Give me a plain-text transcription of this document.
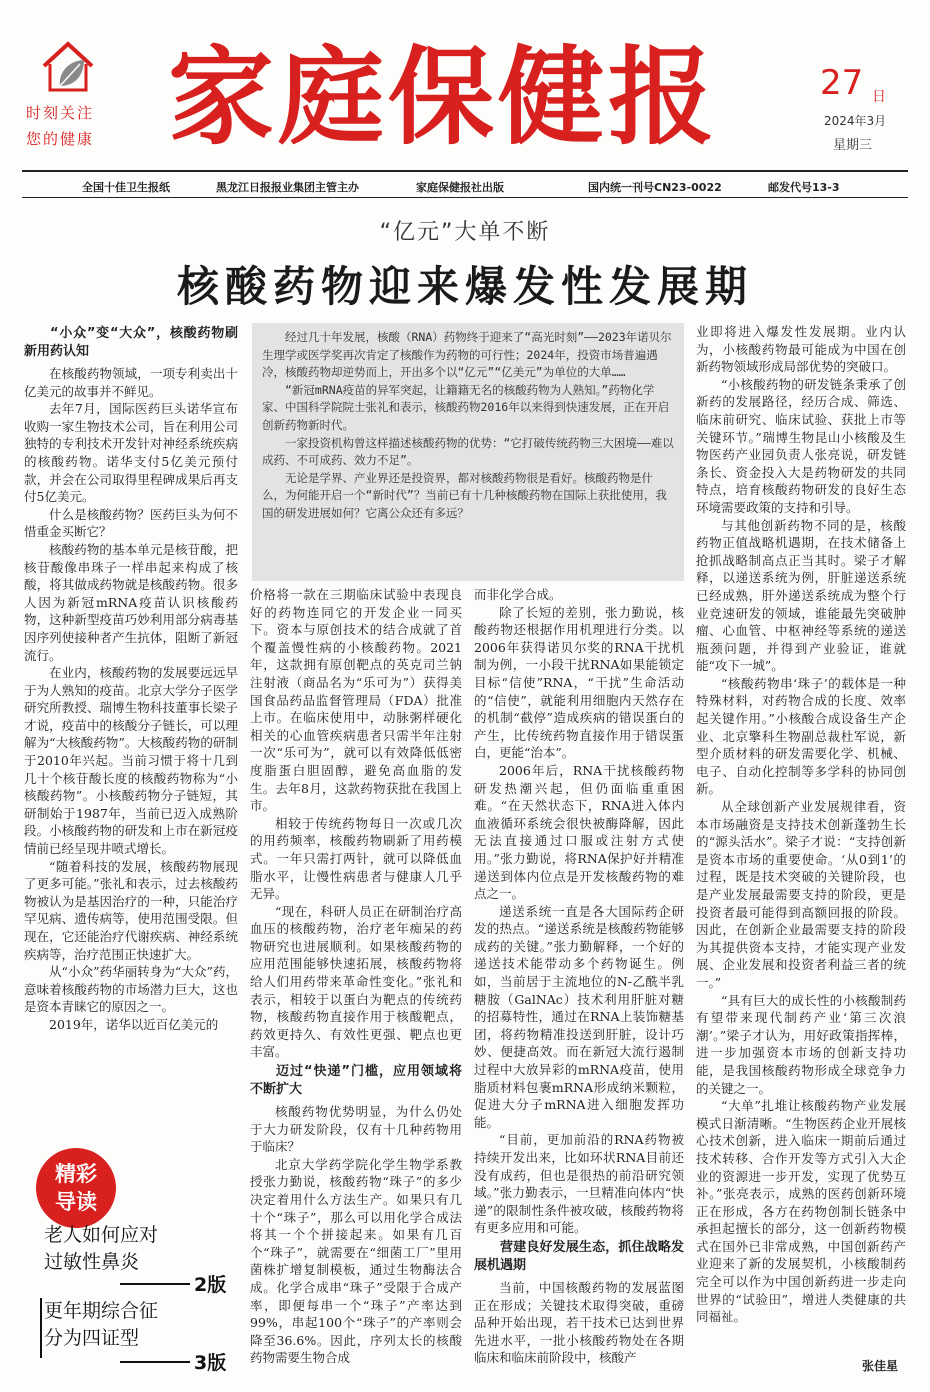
时刻关注
您的健康 家庭保健报	27 日
2024年3月
星期三
全国十佳卫生报纸	黑龙江日报报业集团主管主办	家庭保健报社出版	国内统一刊号CN23-0022	邮发代号13-3
“亿元”大单不断
核酸药物迎来爆发性发展期
“小众”变“大众”，核酸药物刷新用药认知

在核酸药物领域，一项专利卖出十亿美元的故事并不鲜见。

去年7月，国际医药巨头诺华宣布收购一家生物技术公司，旨在利用公司独特的专利技术开发针对神经系统疾病的核酸药物。诺华支付5亿美元预付款，并会在公司取得里程碑成果后再支付5亿美元。

什么是核酸药物？医药巨头为何不惜重金买断它？

核酸药物的基本单元是核苷酸，把核苷酸像串珠子一样串起来构成了核酸，将其做成药物就是核酸药物。很多人因为新冠mRNA疫苗认识核酸药物，这种新型疫苗巧妙利用部分病毒基因序列使接种者产生抗体，阻断了新冠流行。

在业内，核酸药物的发展要远远早于为人熟知的疫苗。北京大学分子医学研究所教授、瑞博生物科技董事长梁子才说，疫苗中的核酸分子链长，可以理解为“大核酸药物”。大核酸药物的研制于2010年兴起。当前习惯于将十几到几十个核苷酸长度的核酸药物称为“小核酸药物”。小核酸药物分子链短，其研制始于1987年，当前已迈入成熟阶段。小核酸药物的研发和上市在新冠疫情前已经呈现井喷式增长。

“随着科技的发展，核酸药物展现了更多可能。”张礼和表示，过去核酸药物被认为是基因治疗的一种，只能治疗罕见病、遗传病等，使用范围受限。但现在，它还能治疗代谢疾病、神经系统疾病等，治疗范围正快速扩大。

从“小众”药华丽转身为“大众”药，意味着核酸药物的市场潜力巨大，这也是资本青睐它的原因之一。

2019年，诺华以近百亿美元的

经过几十年发展，核酸（RNA）药物终于迎来了“高光时刻”——2023年诺贝尔生理学或医学奖再次肯定了核酸作为药物的可行性；2024年，投资市场普遍遇冷，核酸药物却逆势而上，开出多个以“亿元”“亿美元”为单位的大单……

“新冠mRNA疫苗的异军突起，让籍籍无名的核酸药物为人熟知。”药物化学家、中国科学院院士张礼和表示，核酸药物2016年以来得到快速发展，正在开启创新药物新时代。

一家投资机构曾这样描述核酸药物的优势：“它打破传统药物三大困境——难以成药、不可成药、效力不足”。

无论是学界、产业界还是投资界，都对核酸药物很是看好。核酸药物是什么，为何能开启一个“新时代”？当前已有十几种核酸药物在国际上获批使用，我国的研发进展如何？它离公众还有多远？

价格将一款在三期临床试验中表现良好的药物连同它的开发企业一同买下。资本与原创技术的结合成就了首个覆盖慢性病的小核酸药物。2021年，这款拥有原创靶点的英克司兰钠注射液（商品名为“乐可为”）获得美国食品药品监督管理局（FDA）批准上市。在临床使用中，动脉粥样硬化相关的心血管疾病患者只需半年注射一次“乐可为”，就可以有效降低低密度脂蛋白胆固醇，避免高血脂的发生。去年8月，这款药物获批在我国上市。

相较于传统药物每日一次或几次的用药频率，核酸药物刷新了用药模式。一年只需打两针，就可以降低血脂水平，让慢性病患者与健康人几乎无异。

“现在，科研人员正在研制治疗高血压的核酸药物，治疗老年痴呆的药物研究也进展顺利。如果核酸药物的应用范围能够快速拓展，核酸药物将给人们用药带来革命性变化。”张礼和表示，相较于以蛋白为靶点的传统药物，核酸药物直接作用于核酸靶点，药效更持久、有效性更强、靶点也更丰富。

迈过“快递”门槛，应用领域将不断扩大

核酸药物优势明显，为什么仍处于大力研发阶段，仅有十几种药物用于临床？

北京大学药学院化学生物学系教授张力勤说，核酸药物“珠子”的多少决定着用什么方法生产。如果只有几十个“珠子”，那么可以用化学合成法将其一个个拼接起来。如果有几百个“珠子”，就需要在“细菌工厂”里用菌株扩增复制模板，通过生物酶法合成。化学合成串“珠子”受限于合成产率，即便每串一个“珠子”产率达到99%，串起100个“珠子”的产率则会降至36.6%。因此，序列太长的核酸药物需要生物合成

而非化学合成。

除了长短的差别，张力勤说，核酸药物还根据作用机理进行分类。以2006年获得诺贝尔奖的RNA干扰机制为例，一小段干扰RNA如果能锁定目标“信使”RNA，“干扰”生命活动的“信使”，就能利用细胞内天然存在的机制“截停”造成疾病的错误蛋白的产生，比传统药物直接作用于错误蛋白，更能“治本”。

2006年后，RNA干扰核酸药物研发热潮兴起，但仍面临重重困难。“在天然状态下，RNA进入体内血液循环系统会很快被酶降解，因此无法直接通过口服或注射方式使用。”张力勤说，将RNA保护好并精准递送到体内位点是开发核酸药物的难点之一。

递送系统一直是各大国际药企研发的热点。“递送系统是核酸药物能够成药的关键。”张力勤解释，一个好的递送技术能带动多个药物诞生。例如，当前居于主流地位的N-乙酰半乳糖胺（GalNAc）技术利用肝脏对糖的招募特性，通过在RNA上装饰糖基团，将药物精准投送到肝脏，设计巧妙、便捷高效。而在新冠大流行遏制过程中大放异彩的mRNA疫苗，使用脂质材料包裹mRNA形成纳米颗粒，促进大分子mRNA进入细胞发挥功能。

“目前，更加前沿的RNA药物被持续开发出来，比如环状RNA目前还没有成药，但也是很热的前沿研究领域。”张力勤表示，一旦精准向体内“快递”的限制性条件被攻破，核酸药物将有更多应用和可能。

营建良好发展生态，抓住战略发展机遇期

当前，中国核酸药物的发展蓝图正在形成；关键技术取得突破，重磅品种开始出现，若干技术已达到世界先进水平，一批小核酸药物处在各期临床和临床前阶段中，核酸产

业即将进入爆发性发展期。业内认为，小核酸药物最可能成为中国在创新药物领域形成局部优势的突破口。

“小核酸药物的研发链条秉承了创新药的发展路径，经历合成、筛选、临床前研究、临床试验、获批上市等关键环节。”瑞博生物昆山小核酸及生物医药产业园负责人张亮说，研发链条长、资金投入大是药物研发的共同特点，培育核酸药物研发的良好生态环境需要政策的支持和引导。

与其他创新药物不同的是，核酸药物正值战略机遇期，在技术储备上抢抓战略制高点正当其时。梁子才解释，以递送系统为例，肝脏递送系统已经成熟，肝外递送系统成为整个行业竞速研发的领域，谁能最先突破肿瘤、心血管、中枢神经等系统的递送瓶颈问题，并得到产业验证，谁就能“攻下一城”。

“核酸药物串‘珠子’的载体是一种特殊材料，对药物合成的长度、效率起关键作用。”小核酸合成设备生产企业、北京擎科生物副总裁杜军说，新型介质材料的研发需要化学、机械、电子、自动化控制等多学科的协同创新。

从全球创新产业发展规律看，资本市场融资是支持技术创新蓬勃生长的“源头活水”。梁子才说：“支持创新是资本市场的重要使命。‘从0到1’的过程，既是技术突破的关键阶段，也是产业发展最需要支持的阶段，更是投资者最可能得到高额回报的阶段。因此，在创新企业最需要支持的阶段为其提供资本支持，才能实现产业发展、企业发展和投资者利益三者的统一。”

“具有巨大的成长性的小核酸制药有望带来现代制药产业‘第三次浪潮’。”梁子才认为，用好政策指挥棒，进一步加强资本市场的创新支持功能，是我国核酸药物形成全球竞争力的关键之一。

“大单”扎堆让核酸药物产业发展模式日渐清晰。“生物医药企业开展核心技术创新，进入临床一期前后通过技术转移、合作开发等方式引入大企业的资源进一步开发，实现了优势互补。”张亮表示，成熟的医药创新环境正在形成，各方在药物创制长链条中承担起擅长的部分，这一创新药物模式在国外已非常成熟，中国创新药产业迎来了新的发展契机，小核酸制药完全可以作为中国创新药进一步走向世界的“试验田”，增进人类健康的共同福祉。

张佳星
精彩
导读
老人如何应对
过敏性鼻炎
2版
更年期综合征
分为四证型
3版
